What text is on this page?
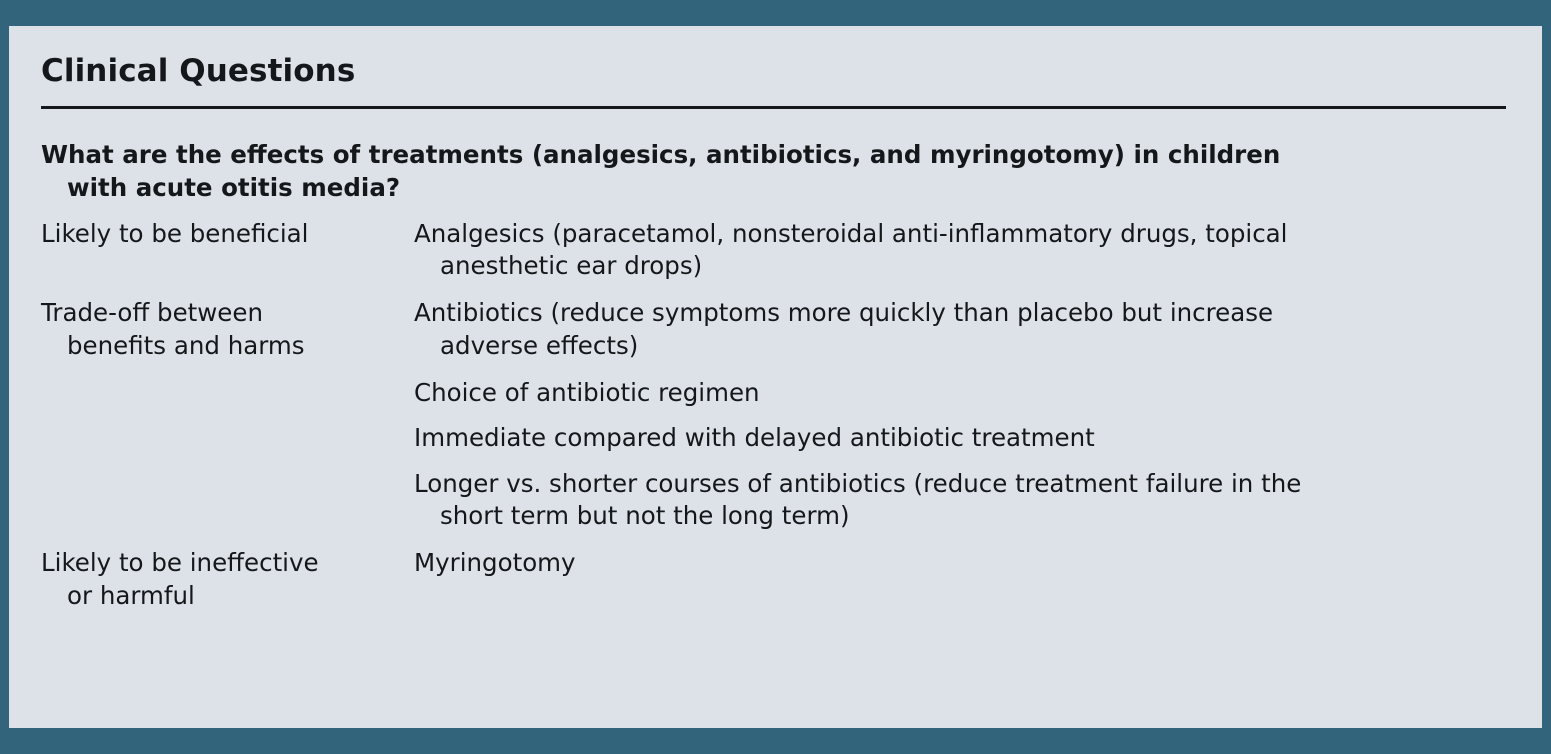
Clinical Questions

What are the effects of treatments (analgesics, antibiotics, and myringotomy) in children
with acute otitis media?

Likely to be beneficial	Analgesics (paracetamol, nonsteroidal anti-inflammatory drugs, topical
anesthetic ear drops)
Trade-off between
benefits and harms
Antibiotics (reduce symptoms more quickly than placebo but increase
adverse effects)
Choice of antibiotic regimen
Immediate compared with delayed antibiotic treatment
Longer vs. shorter courses of antibiotics (reduce treatment failure in the
short term but not the long term)
Likely to be ineffective
or harmful
Myringotomy
